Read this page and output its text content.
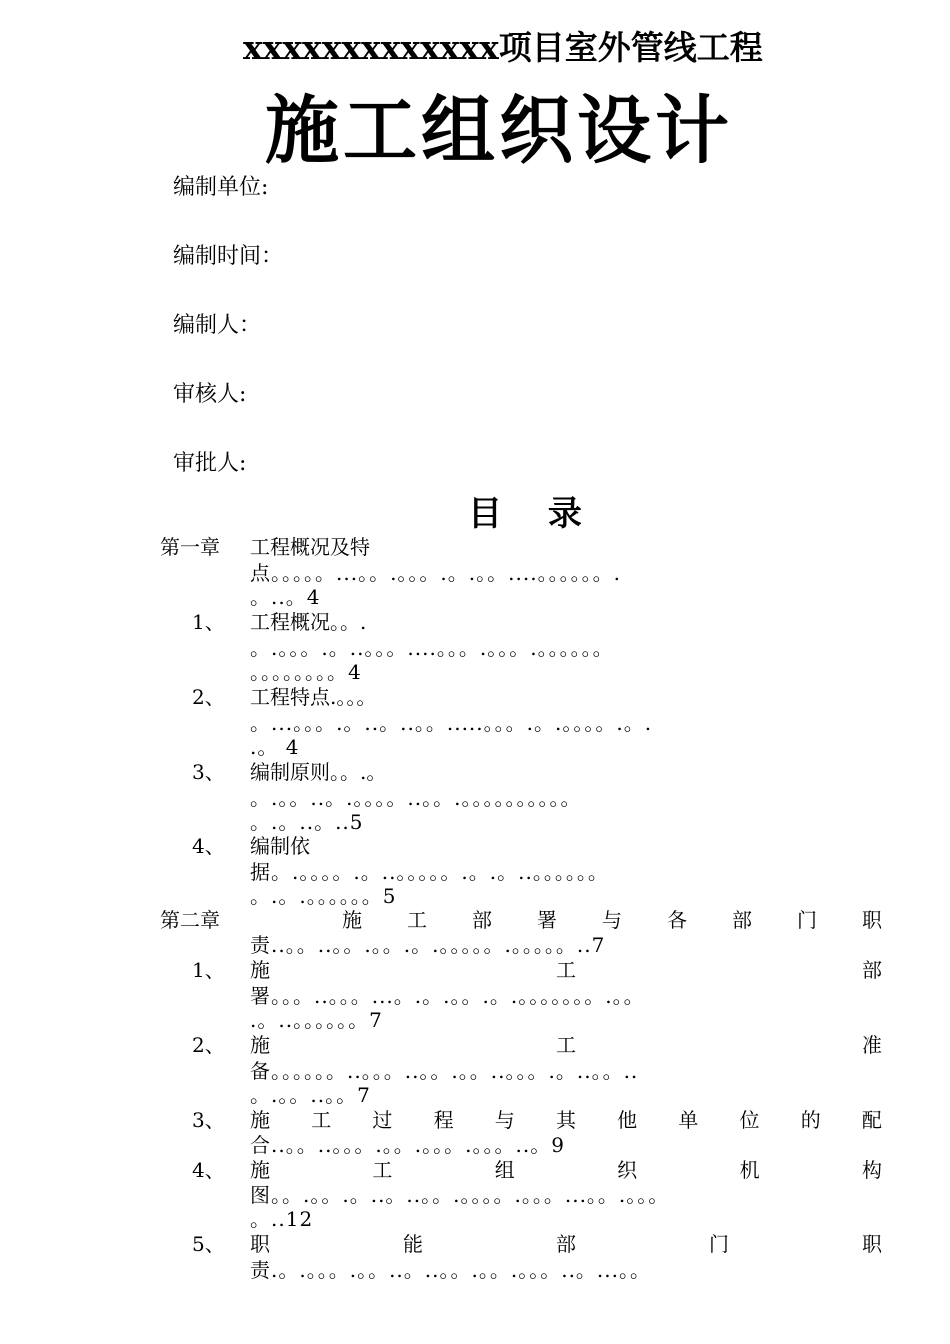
xxxxxxxxxxxxx项目室外管线工程
施工组织设计
编制单位:
编制时间：
编制人：
审核人:
审批人:
目 录
第一章 工程概况及特
点。。。。。...。。.。。。.。.。。....。。。。。。.
。..。4
1、 工程概况。。.
。.。。。.。..。。。....。。。.。。。.。。。。。。
。。。。。。。。4
2、 工程特点.。。。
。...。。。.。..。..。。.....。。。.。.。。。。.。.
.。 4
3、 编制原则。。.。
。.。。..。.。。。。..。。.。。。。。。。。。。
。.。..。..5
4、 编制依
据。.。。。。.。..。。。。。.。.。..。。。。。。
。.。.。。。。。。5
第二章	施 工 部 署 与 各 部 门 职
责..。。..。。.。。.。.。。。。。.。。。。。..7
1、 施	工	部
署。。。..。。。...。.。.。。.。.。。。。。。。.。。
.。..。。。。。。7
2、 施	工	准
备。。。。。。..。。。..。。.。。..。。。.。..。。..
。.。。..。。7
3、 施 工 过 程 与 其 他 单 位 的 配
合..。。..。。。.。。.。。。.。。。..。9
4、 施	工	组	织	机	构
图。。.。。.。..。..。。.。。。。.。。。...。。.。。。
。..12
5、 职	能	部	门	职
责.。.。。。.。。..。..。。.。。.。。。..。...。。
